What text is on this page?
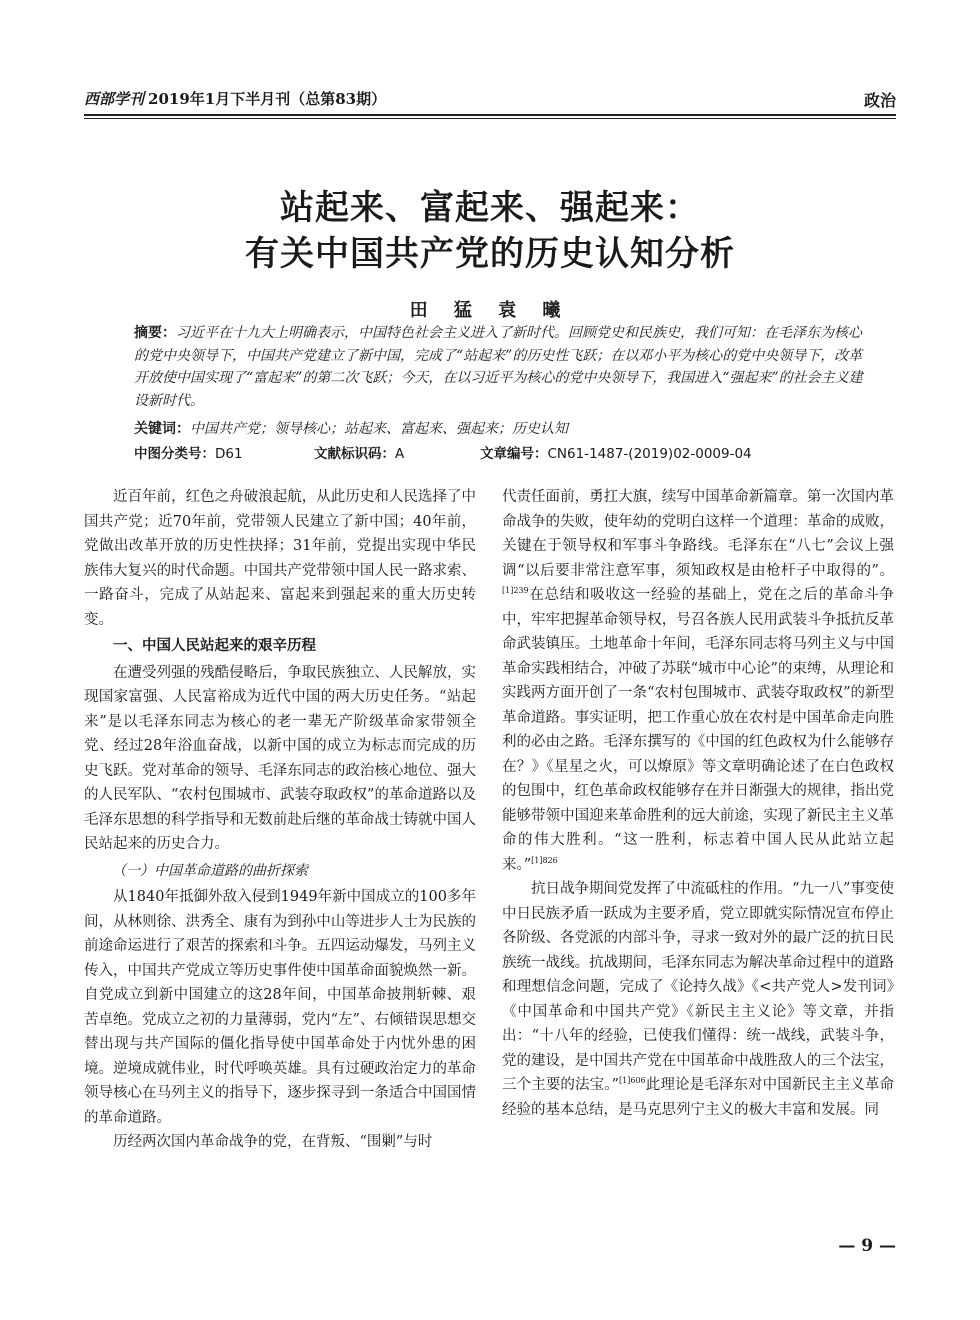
西部学刊 2019年1月下半月刊（总第83期）	政治
站起来、富起来、强起来：
有关中国共产党的历史认知分析
田 猛 袁 曦
摘要：习近平在十九大上明确表示，中国特色社会主义进入了新时代。回顾党史和民族史，我们可知：在毛泽东为核心的党中央领导下，中国共产党建立了新中国，完成了“站起来”的历史性飞跃；在以邓小平为核心的党中央领导下，改革开放使中国实现了“富起来”的第二次飞跃；今天，在以习近平为核心的党中央领导下，我国进入“强起来”的社会主义建设新时代。
关键词：中国共产党；领导核心；站起来、富起来、强起来；历史认知
中图分类号：D61	文献标识码：A	文章编号：CN61-1487-(2019)02-0009-04

近百年前，红色之舟破浪起航，从此历史和人民选择了中国共产党；近70年前，党带领人民建立了新中国；40年前，党做出改革开放的历史性抉择；31年前，党提出实现中华民族伟大复兴的时代命题。中国共产党带领中国人民一路求索、一路奋斗，完成了从站起来、富起来到强起来的重大历史转变。

一、中国人民站起来的艰辛历程

在遭受列强的残酷侵略后，争取民族独立、人民解放，实现国家富强、人民富裕成为近代中国的两大历史任务。“站起来”是以毛泽东同志为核心的老一辈无产阶级革命家带领全党、经过28年浴血奋战，以新中国的成立为标志而完成的历史飞跃。党对革命的领导、毛泽东同志的政治核心地位、强大的人民军队、“农村包围城市、武装夺取政权”的革命道路以及毛泽东思想的科学指导和无数前赴后继的革命战士铸就中国人民站起来的历史合力。

（一）中国革命道路的曲折探索

从1840年抵御外敌入侵到1949年新中国成立的100多年间，从林则徐、洪秀全、康有为到孙中山等进步人士为民族的前途命运进行了艰苦的探索和斗争。五四运动爆发，马列主义传入，中国共产党成立等历史事件使中国革命面貌焕然一新。自党成立到新中国建立的这28年间，中国革命披荆斩棘、艰苦卓绝。党成立之初的力量薄弱，党内“左”、右倾错误思想交替出现与共产国际的僵化指导使中国革命处于内忧外患的困境。逆境成就伟业，时代呼唤英雄。具有过硬政治定力的革命领导核心在马列主义的指导下，逐步探寻到一条适合中国国情的革命道路。

历经两次国内革命战争的党，在背叛、“围剿”与时

代责任面前，勇扛大旗，续写中国革命新篇章。第一次国内革命战争的失败，使年幼的党明白这样一个道理：革命的成败，关键在于领导权和军事斗争路线。毛泽东在“八七”会议上强调“以后要非常注意军事，须知政权是由枪杆子中取得的”。$^{[1]239}$在总结和吸收这一经验的基础上，党在之后的革命斗争中，牢牢把握革命领导权，号召各族人民用武装斗争抵抗反革命武装镇压。土地革命十年间，毛泽东同志将马列主义与中国革命实践相结合，冲破了苏联“城市中心论”的束缚，从理论和实践两方面开创了一条“农村包围城市、武装夺取政权”的新型革命道路。事实证明，把工作重心放在农村是中国革命走向胜利的必由之路。毛泽东撰写的《中国的红色政权为什么能够存在？》《星星之火，可以燎原》等文章明确论述了在白色政权的包围中，红色革命政权能够存在并日渐强大的规律，指出党能够带领中国迎来革命胜利的远大前途，实现了新民主主义革命的伟大胜利。“这一胜利，标志着中国人民从此站立起来。”$^{[1]826}$

抗日战争期间党发挥了中流砥柱的作用。“九一八”事变使中日民族矛盾一跃成为主要矛盾，党立即就实际情况宣布停止各阶级、各党派的内部斗争，寻求一致对外的最广泛的抗日民族统一战线。抗战期间，毛泽东同志为解决革命过程中的道路和理想信念问题，完成了《论持久战》《<共产党人>发刊词》《中国革命和中国共产党》《新民主主义论》等文章，并指出：“十八年的经验，已使我们懂得：统一战线，武装斗争，党的建设，是中国共产党在中国革命中战胜敌人的三个法宝，三个主要的法宝。”$^{[1]606}$此理论是毛泽东对中国新民主主义革命经验的基本总结，是马克思列宁主义的极大丰富和发展。同

— 9 —
